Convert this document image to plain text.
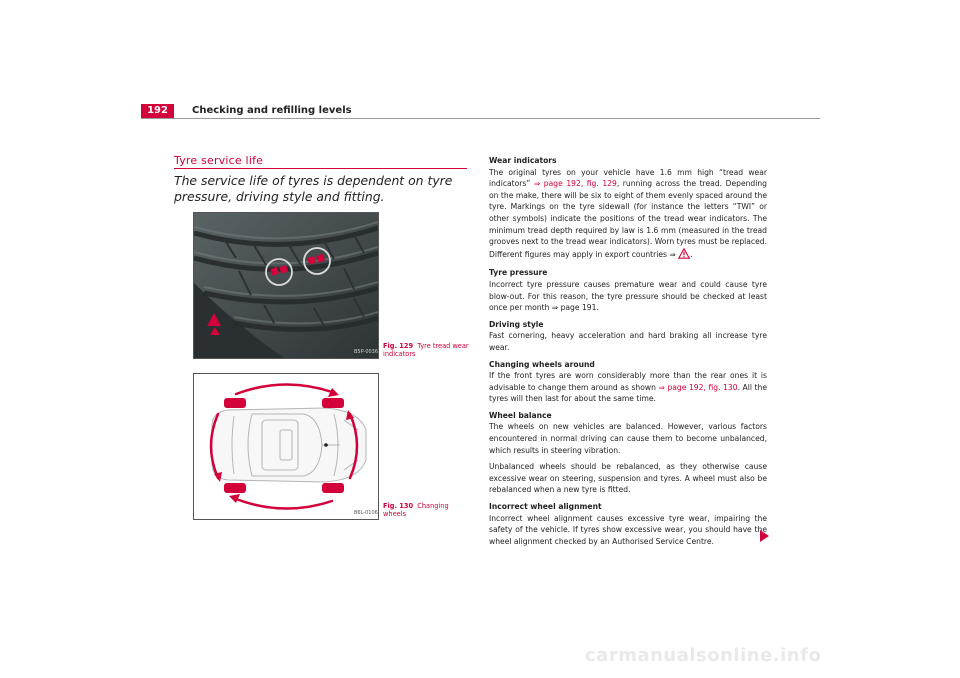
192	Checking and refilling levels
Tyre service life
The service life of tyres is dependent on tyre pressure, driving style and fitting.
B5P-0036
Fig. 129 Tyre tread wear indicators
B6L-0106
Fig. 130 Changing wheels
Wear indicators

The original tyres on your vehicle have 1.6 mm high “tread wear indicators” ⇒ page 192, fig. 129, running across the tread. Depending on the make, there will be six to eight of them evenly spaced around the tyre. Markings on the tyre sidewall (for instance the letters “TWI” or other symbols) indicate the positions of the tread wear indicators. The minimum tread depth required by law is 1.6 mm (measured in the tread grooves next to the tread wear indicators). Worn tyres must be replaced. Different figures may apply in export countries ⇒ .

Tyre pressure

Incorrect tyre pressure causes premature wear and could cause tyre blow-out. For this reason, the tyre pressure should be checked at least once per month ⇒ page 191.

Driving style

Fast cornering, heavy acceleration and hard braking all increase tyre wear.

Changing wheels around

If the front tyres are worn considerably more than the rear ones it is advisable to change them around as shown ⇒ page 192, fig. 130. All the tyres will then last for about the same time.

Wheel balance

The wheels on new vehicles are balanced. However, various factors encountered in normal driving can cause them to become unbalanced, which results in steering vibration.

Unbalanced wheels should be rebalanced, as they otherwise cause excessive wear on steering, suspension and tyres. A wheel must also be rebalanced when a new tyre is fitted.

Incorrect wheel alignment

Incorrect wheel alignment causes excessive tyre wear, impairing the safety of the vehicle. If tyres show excessive wear, you should have the wheel alignment checked by an Authorised Service Centre.

carmanualsonline.info
